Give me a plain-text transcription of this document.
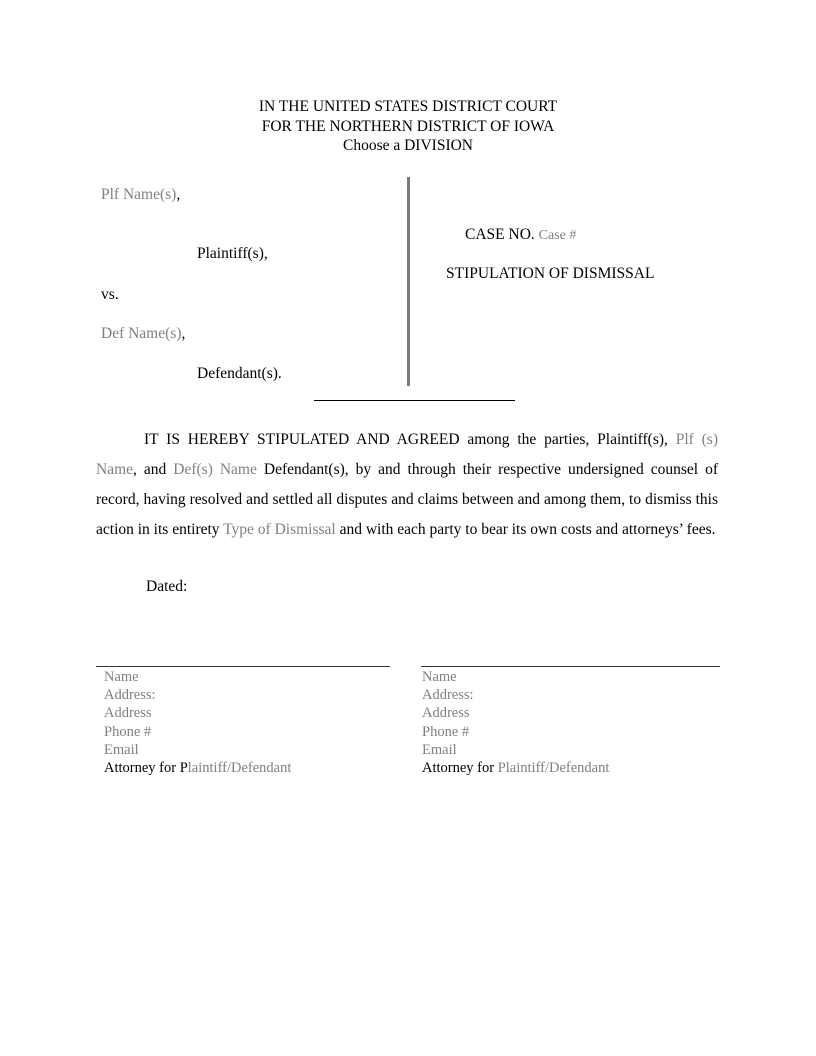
IN THE UNITED STATES DISTRICT COURT
FOR THE NORTHERN DISTRICT OF IOWA
Choose a DIVISION
Plf Name(s),
Plaintiff(s),
vs.
Def Name(s),
Defendant(s).
CASE NO. Case #
STIPULATION OF DISMISSAL
IT IS HEREBY STIPULATED AND AGREED among the parties, Plaintiff(s), Plf (s) Name, and Def(s) Name Defendant(s), by and through their respective undersigned counsel of record, having resolved and settled all disputes and claims between and among them, to dismiss this action in its entirety Type of Dismissal and with each party to bear its own costs and attorneys’ fees.
Dated:
Name
Address:
Address
Phone #
Email
Attorney for Plaintiff/Defendant
Name
Address:
Address
Phone #
Email
Attorney for Plaintiff/Defendant
